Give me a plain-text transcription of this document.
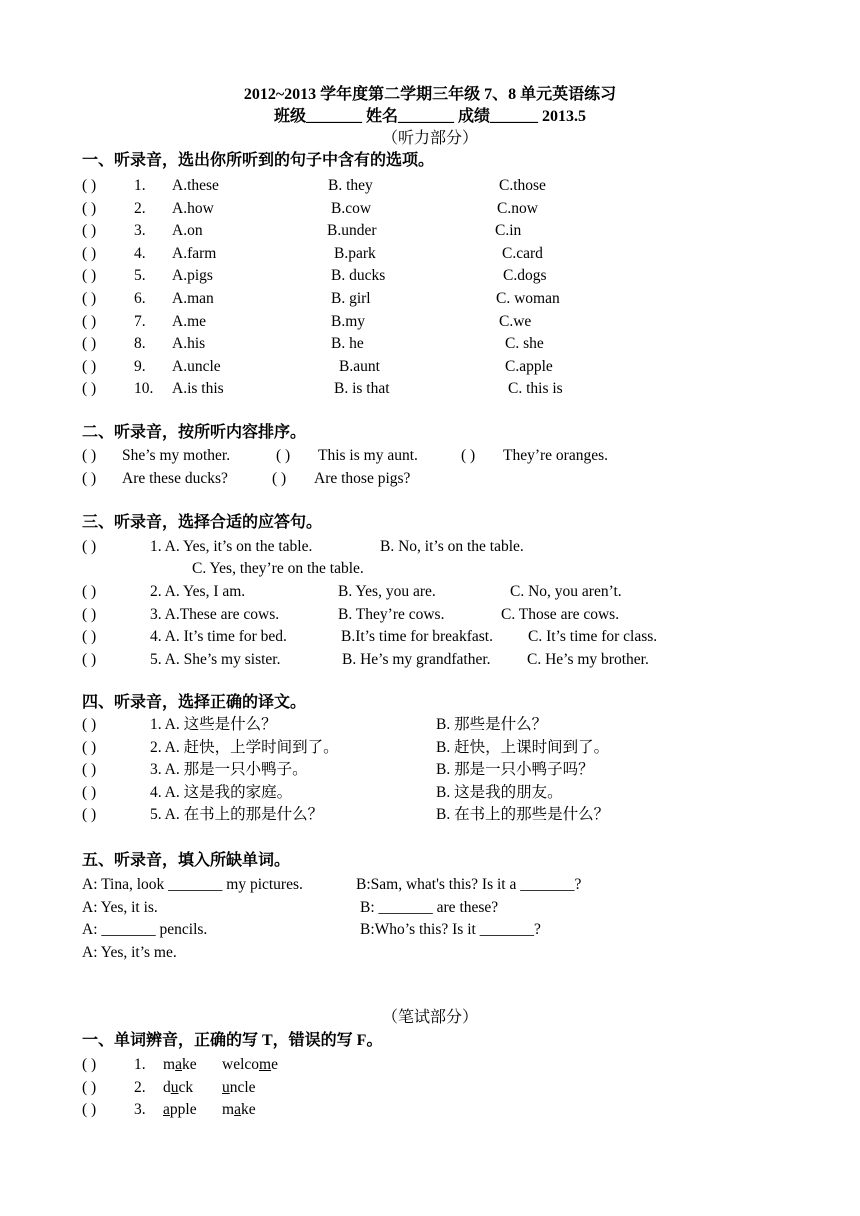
2012~2013 学年度第二学期三年级 7、8 单元英语练习
班级_______ 姓名_______ 成绩______ 2013.5
（听力部分）
一、听录音，选出你所听到的句子中含有的选项。
( ) 1. A.these	B. they	C.those
( ) 2. A.how	B.cow	C.now
( ) 3. A.on	B.under	C.in
( ) 4. A.farm	B.park	C.card
( ) 5. A.pigs	B. ducks	C.dogs
( ) 6. A.man	B. girl	C. woman
( ) 7. A.me	B.my	C.we
( ) 8. A.his	B. he	C. she
( ) 9. A.uncle	B.aunt	C.apple
( ) 10. A.is this	B. is that	C. this is
二、听录音，按所听内容排序。
( ) She’s my mother.	( ) This is my aunt.	( ) They’re oranges.
( ) Are these ducks?	( ) Are those pigs?
三、听录音，选择合适的应答句。
( )	1. A. Yes, it’s on the table.	B. No, it’s on the table.
C. Yes, they’re on the table.
( )	2. A. Yes, I am.	B. Yes, you are.	C. No, you aren’t.
( )	3. A.These are cows.	B. They’re cows.	C. Those are cows.
( )	4. A. It’s time for bed.	B.It’s time for breakfast. C. It’s time for class.
( )	5. A. She’s my sister.	B. He’s my grandfather. C. He’s my brother.
四、听录音，选择正确的译文。
( )	1. A. 这些是什么？	B. 那些是什么？
( )	2. A. 赶快，上学时间到了。	B. 赶快，上课时间到了。
( )	3. A. 那是一只小鸭子。	B. 那是一只小鸭子吗？
( )	4. A. 这是我的家庭。	B. 这是我的朋友。
( )	5. A. 在书上的那是什么？	B. 在书上的那些是什么？
五、听录音，填入所缺单词。
A: Tina, look _______ my pictures.	B:Sam, what's this? Is it a _______?
A: Yes, it is.	B: _______ are these?
A: _______ pencils.	B:Who’s this? Is it _______?
A: Yes, it’s me.
（笔试部分）
一、单词辨音，正确的写 T，错误的写 F。
( ) 1. make welcome
( ) 2. duck uncle
( ) 3. apple make
